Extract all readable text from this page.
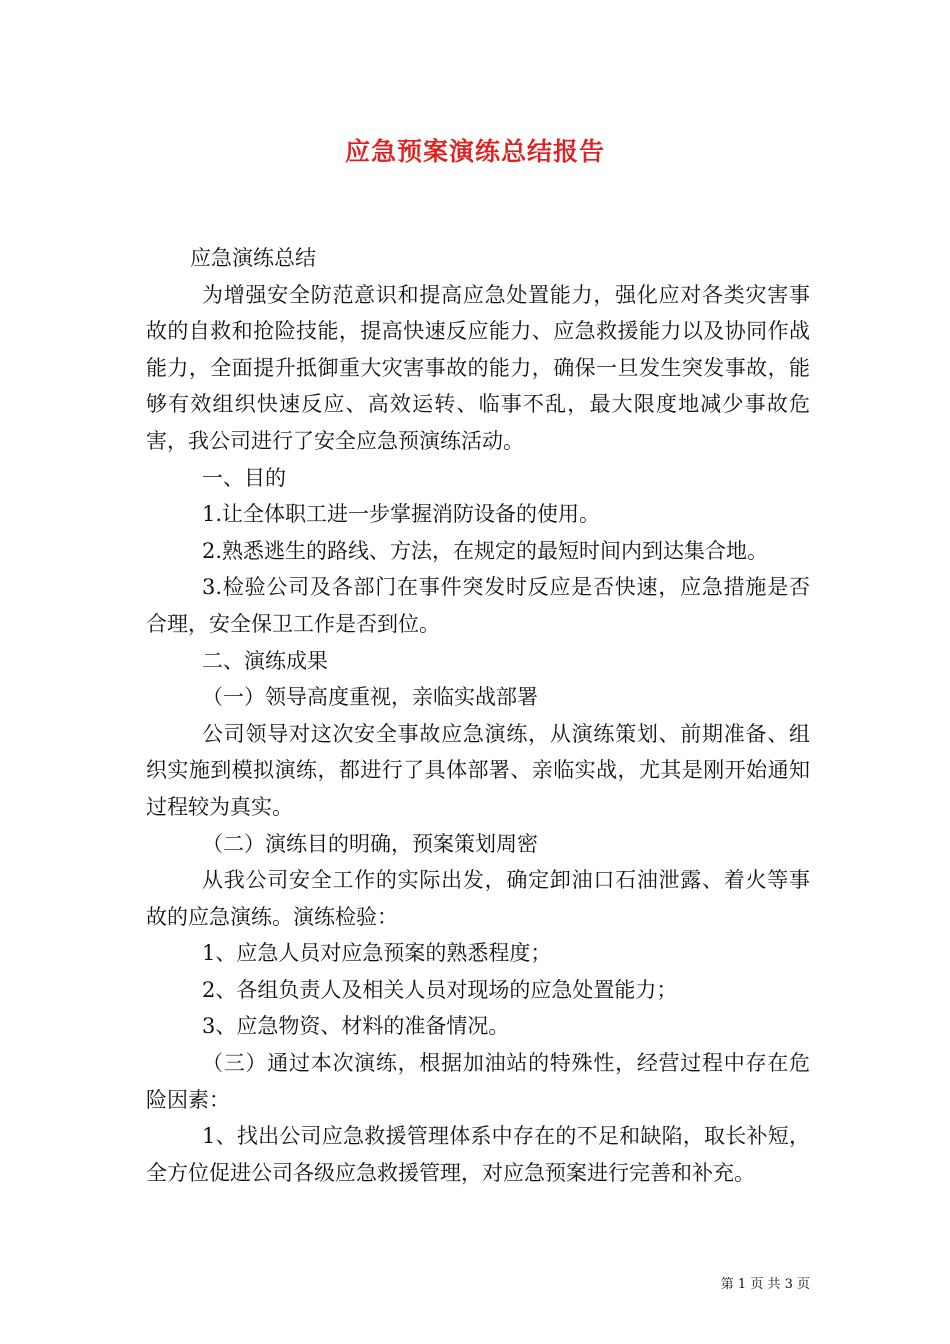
应急预案演练总结报告

应急演练总结

为增强安全防范意识和提高应急处置能力，强化应对各类灾害事故的自救和抢险技能，提高快速反应能力、应急救援能力以及协同作战能力，全面提升抵御重大灾害事故的能力，确保一旦发生突发事故，能够有效组织快速反应、高效运转、临事不乱，最大限度地减少事故危害，我公司进行了安全应急预演练活动。

一、目的

1.让全体职工进一步掌握消防设备的使用。

2.熟悉逃生的路线、方法，在规定的最短时间内到达集合地。

3.检验公司及各部门在事件突发时反应是否快速，应急措施是否合理，安全保卫工作是否到位。

二、演练成果

（一）领导高度重视，亲临实战部署

公司领导对这次安全事故应急演练，从演练策划、前期准备、组织实施到模拟演练，都进行了具体部署、亲临实战，尤其是刚开始通知过程较为真实。

（二）演练目的明确，预案策划周密

从我公司安全工作的实际出发，确定卸油口石油泄露、着火等事故的应急演练。演练检验：

1、应急人员对应急预案的熟悉程度；

2、各组负责人及相关人员对现场的应急处置能力；

3、应急物资、材料的准备情况。

（三）通过本次演练，根据加油站的特殊性，经营过程中存在危险因素：

1、找出公司应急救援管理体系中存在的不足和缺陷，取长补短，全方位促进公司各级应急救援管理，对应急预案进行完善和补充。

第 1 页 共 3 页
